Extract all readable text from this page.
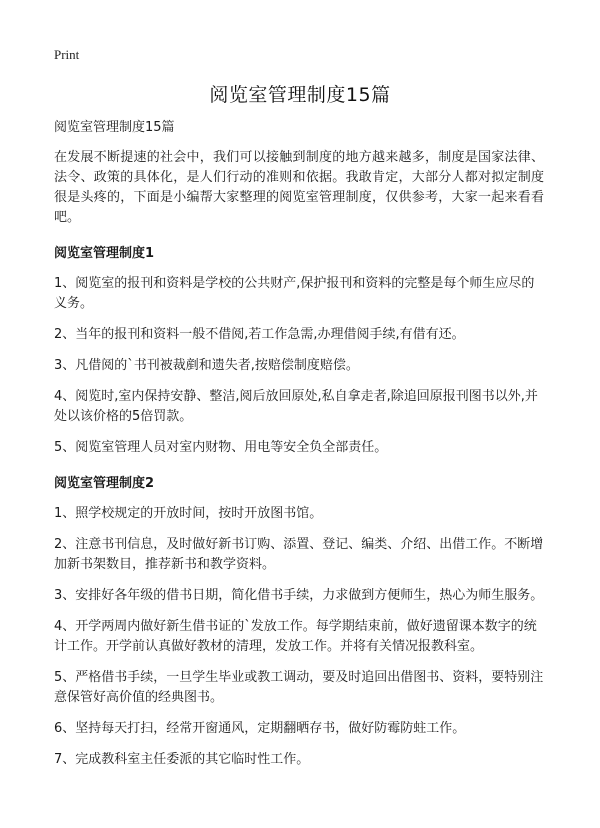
Print
阅览室管理制度15篇

阅览室管理制度15篇

在发展不断提速的社会中，我们可以接触到制度的地方越来越多，制度是国家法律、法令、政策的具体化，是人们行动的准则和依据。我敢肯定，大部分人都对拟定制度很是头疼的，下面是小编帮大家整理的阅览室管理制度，仅供参考，大家一起来看看吧。

阅览室管理制度1

1、阅览室的报刊和资料是学校的公共财产,保护报刊和资料的完整是每个师生应尽的义务。

2、当年的报刊和资料一般不借阅,若工作急需,办理借阅手续,有借有还。

3、凡借阅的`书刊被裁剷和遗失者,按赔偿制度赔偿。

4、阅览时,室内保持安静、整洁,阅后放回原处,私自拿走者,除追回原报刊图书以外,并处以该价格的5倍罚款。

5、阅览室管理人员对室内财物、用电等安全负全部责任。

阅览室管理制度2

1、照学校规定的开放时间，按时开放图书馆。

2、注意书刊信息，及时做好新书订购、添置、登记、编类、介绍、出借工作。不断增加新书架数目，推荐新书和教学资料。

3、安排好各年级的借书日期，简化借书手续，力求做到方便师生，热心为师生服务。

4、开学两周内做好新生借书证的`发放工作。每学期结束前，做好遗留课本数字的统计工作。开学前认真做好教材的清理，发放工作。并将有关情况报教科室。

5、严格借书手续，一旦学生毕业或教工调动，要及时追回出借图书、资料，要特别注意保管好高价值的经典图书。

6、坚持每天打扫，经常开窗通风，定期翻晒存书，做好防霉防蛀工作。

7、完成教科室主任委派的其它临时性工作。
